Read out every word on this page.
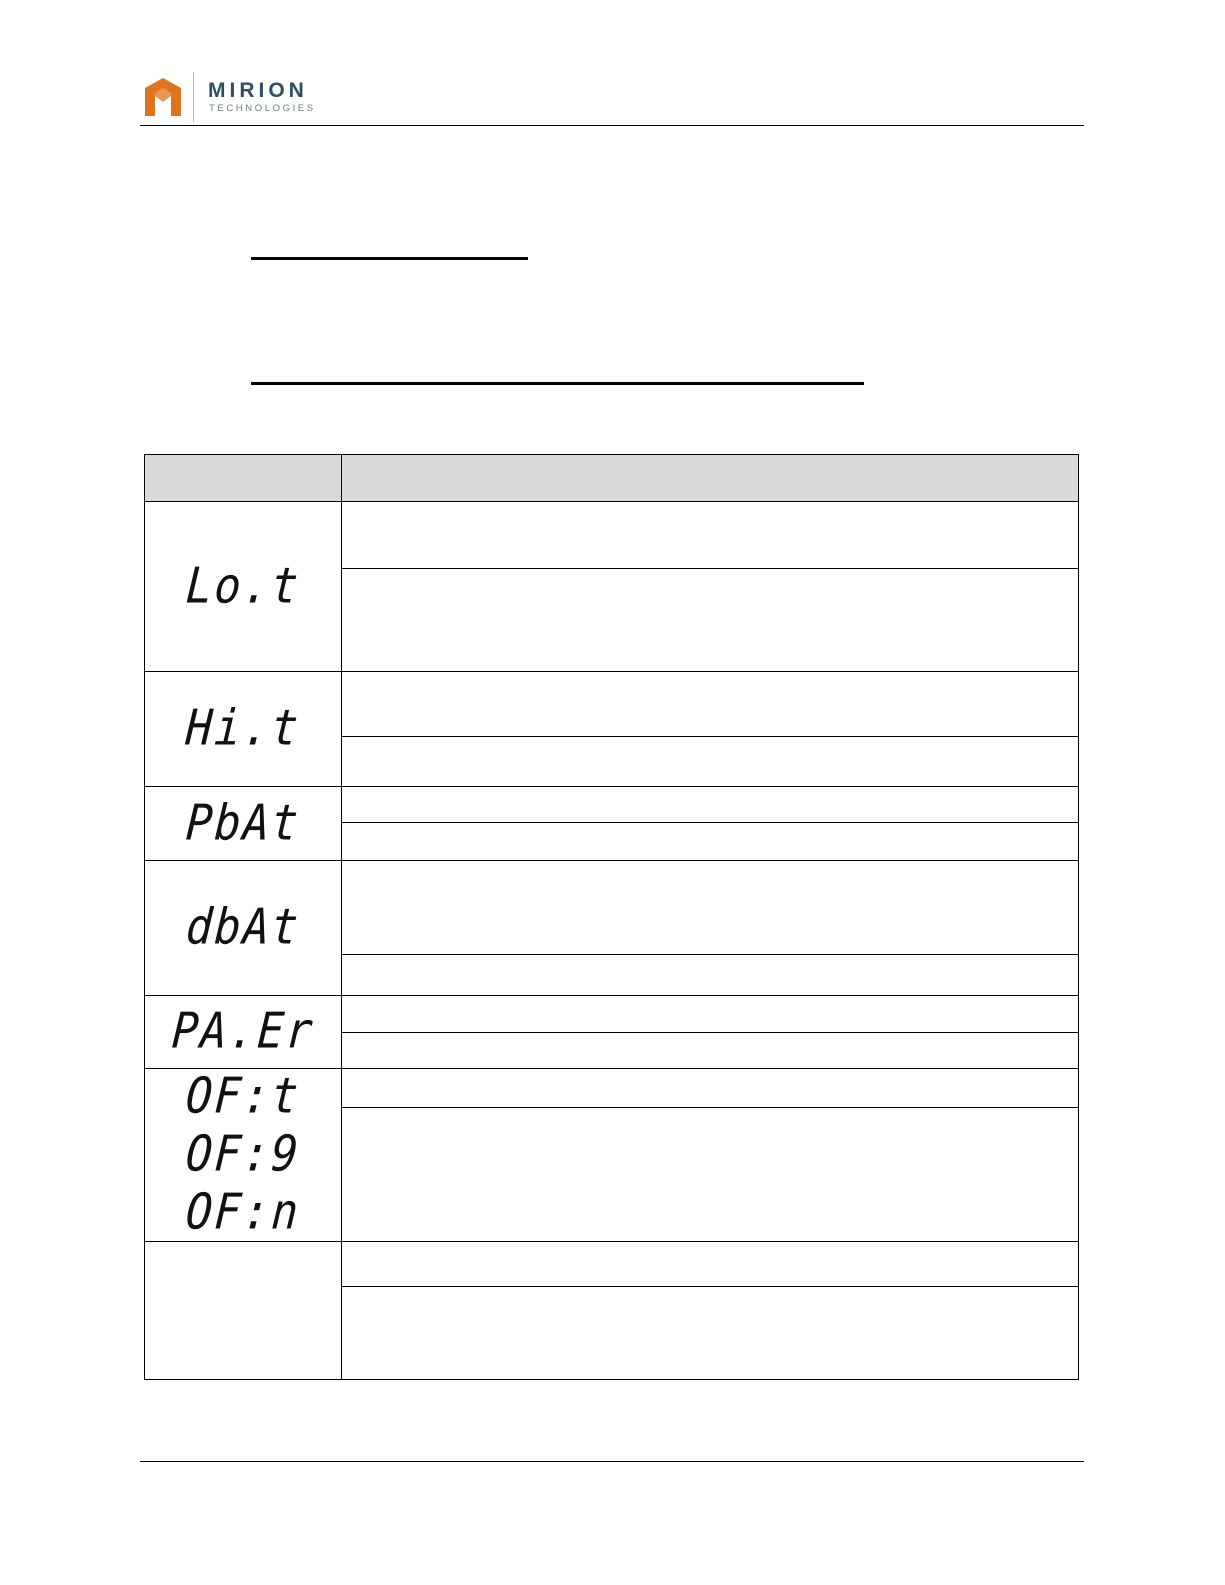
MIRION
TECHNOLOGIES
Lo.t
Hi.t
PbAt
dbAt
PA.Er
OF:t
OF:9
OF:n
